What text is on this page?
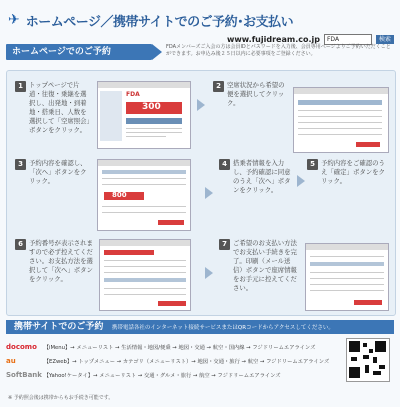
✈ ホームページ／携帯サイトでのご予約･お支払い
www.fujidream.co.jp	FDA	検索
ホームページでのご予約	FDAメンバーズご入会の方は会員IDとパスワードを入力後、会員専用ページよりご予約いただくことができます。お申込み後２５日以内に必要事項をご登録ください。
1 トップページで片道・往復・乗継を選択し、出発地・到着地・搭乗日、人数を選択して「空席照会」ボタンをクリック。
FDA
300
2 空席状況から希望の便を選択してクリック。
3 予約内容を確認し、「次へ」ボタンをクリック。
800
4 搭乗者情報を入力し、予約確認に同意のうえ「次へ」ボタンをクリック。
5 予約内容をご確認のうえ「確定」ボタンをクリック。
6 予約番号が表示されますので必ず控えてください。お支払方法を選択して「次へ」ボタンをクリック。
7 ご希望のお支払い方法でお支払い手続きを完了。印刷（メール送信）ボタンで座席情報をお手元に控えてください。
携帯サイトでのご予約 携帯電話各社のインターネット接続サービスまたはQRコードからアクセスしてください。
docomo 【iMenu】→ メニューリスト → 生活情報・地図/便乗 → 地図・交通 → 航空・国内線 → フジドリームエアラインズ
au	【EZweb】→ トップメニュー → カテゴリ（メニューリスト）→ 地図・交通・旅行 → 航空 → フジドリームエアラインズ
SoftBank 【Yahoo!ケータイ】→ メニューリスト → 交通・グルメ・旅行 → 航空 → フジドリームエアラインズ
※ 予約照会後は携帯からもお手続き可能です。
